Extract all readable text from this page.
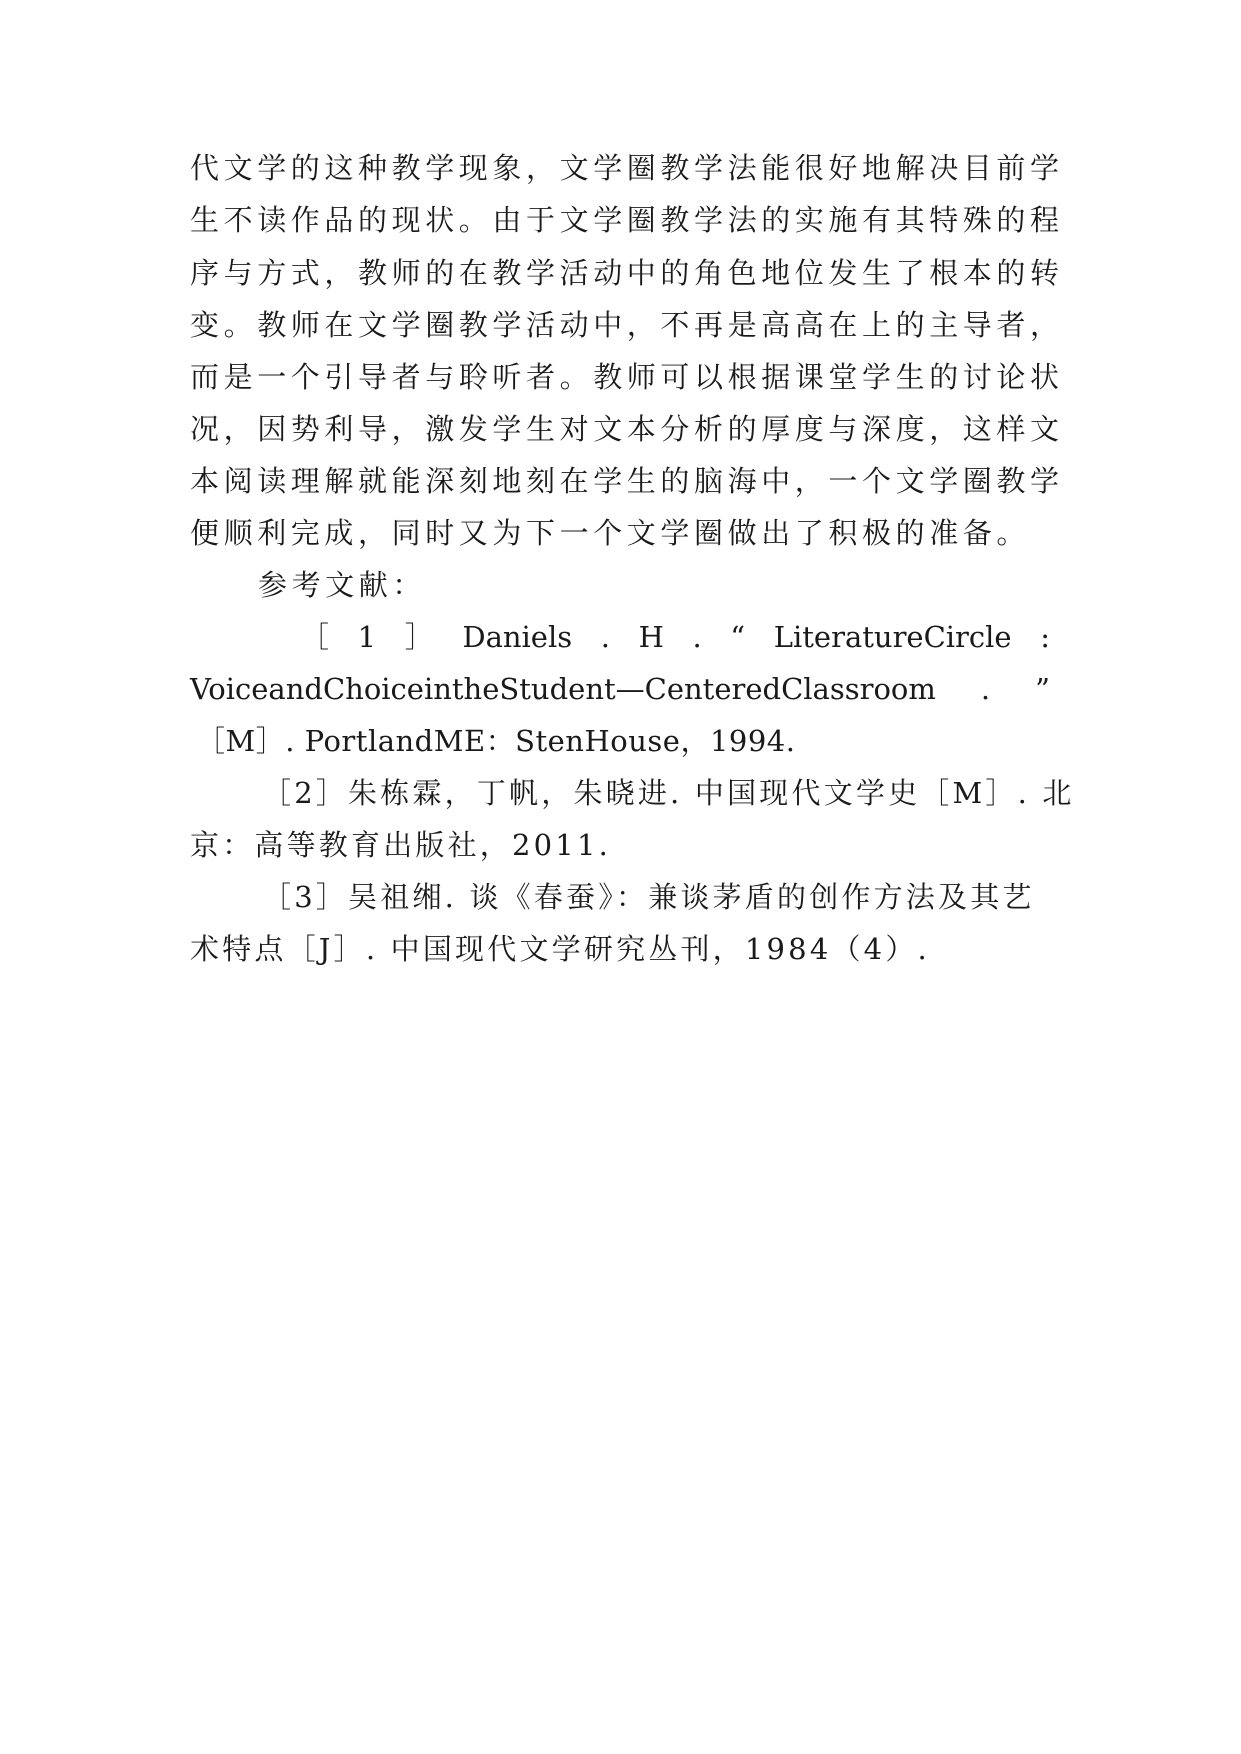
代文学的这种教学现象，文学圈教学法能很好地解决目前学
生不读作品的现状。由于文学圈教学法的实施有其特殊的程
序与方式，教师的在教学活动中的角色地位发生了根本的转
变。教师在文学圈教学活动中，不再是高高在上的主导者，
而是一个引导者与聆听者。教师可以根据课堂学生的讨论状
况，因势利导，激发学生对文本分析的厚度与深度，这样文
本阅读理解就能深刻地刻在学生的脑海中，一个文学圈教学
便顺利完成，同时又为下一个文学圈做出了积极的准备。
参考文献：
［ 1 ］ Daniels . H . “ LiteratureCircle :
VoiceandChoiceintheStudent—CenteredClassroom . ”
［M］. PortlandME：StenHouse，1994.
［2］朱栋霖，丁帆，朱晓进. 中国现代文学史［M］. 北
京：高等教育出版社，2011.
［3］吴祖缃. 谈《春蚕》：兼谈茅盾的创作方法及其艺
术特点［J］. 中国现代文学研究丛刊，1984（4）.
